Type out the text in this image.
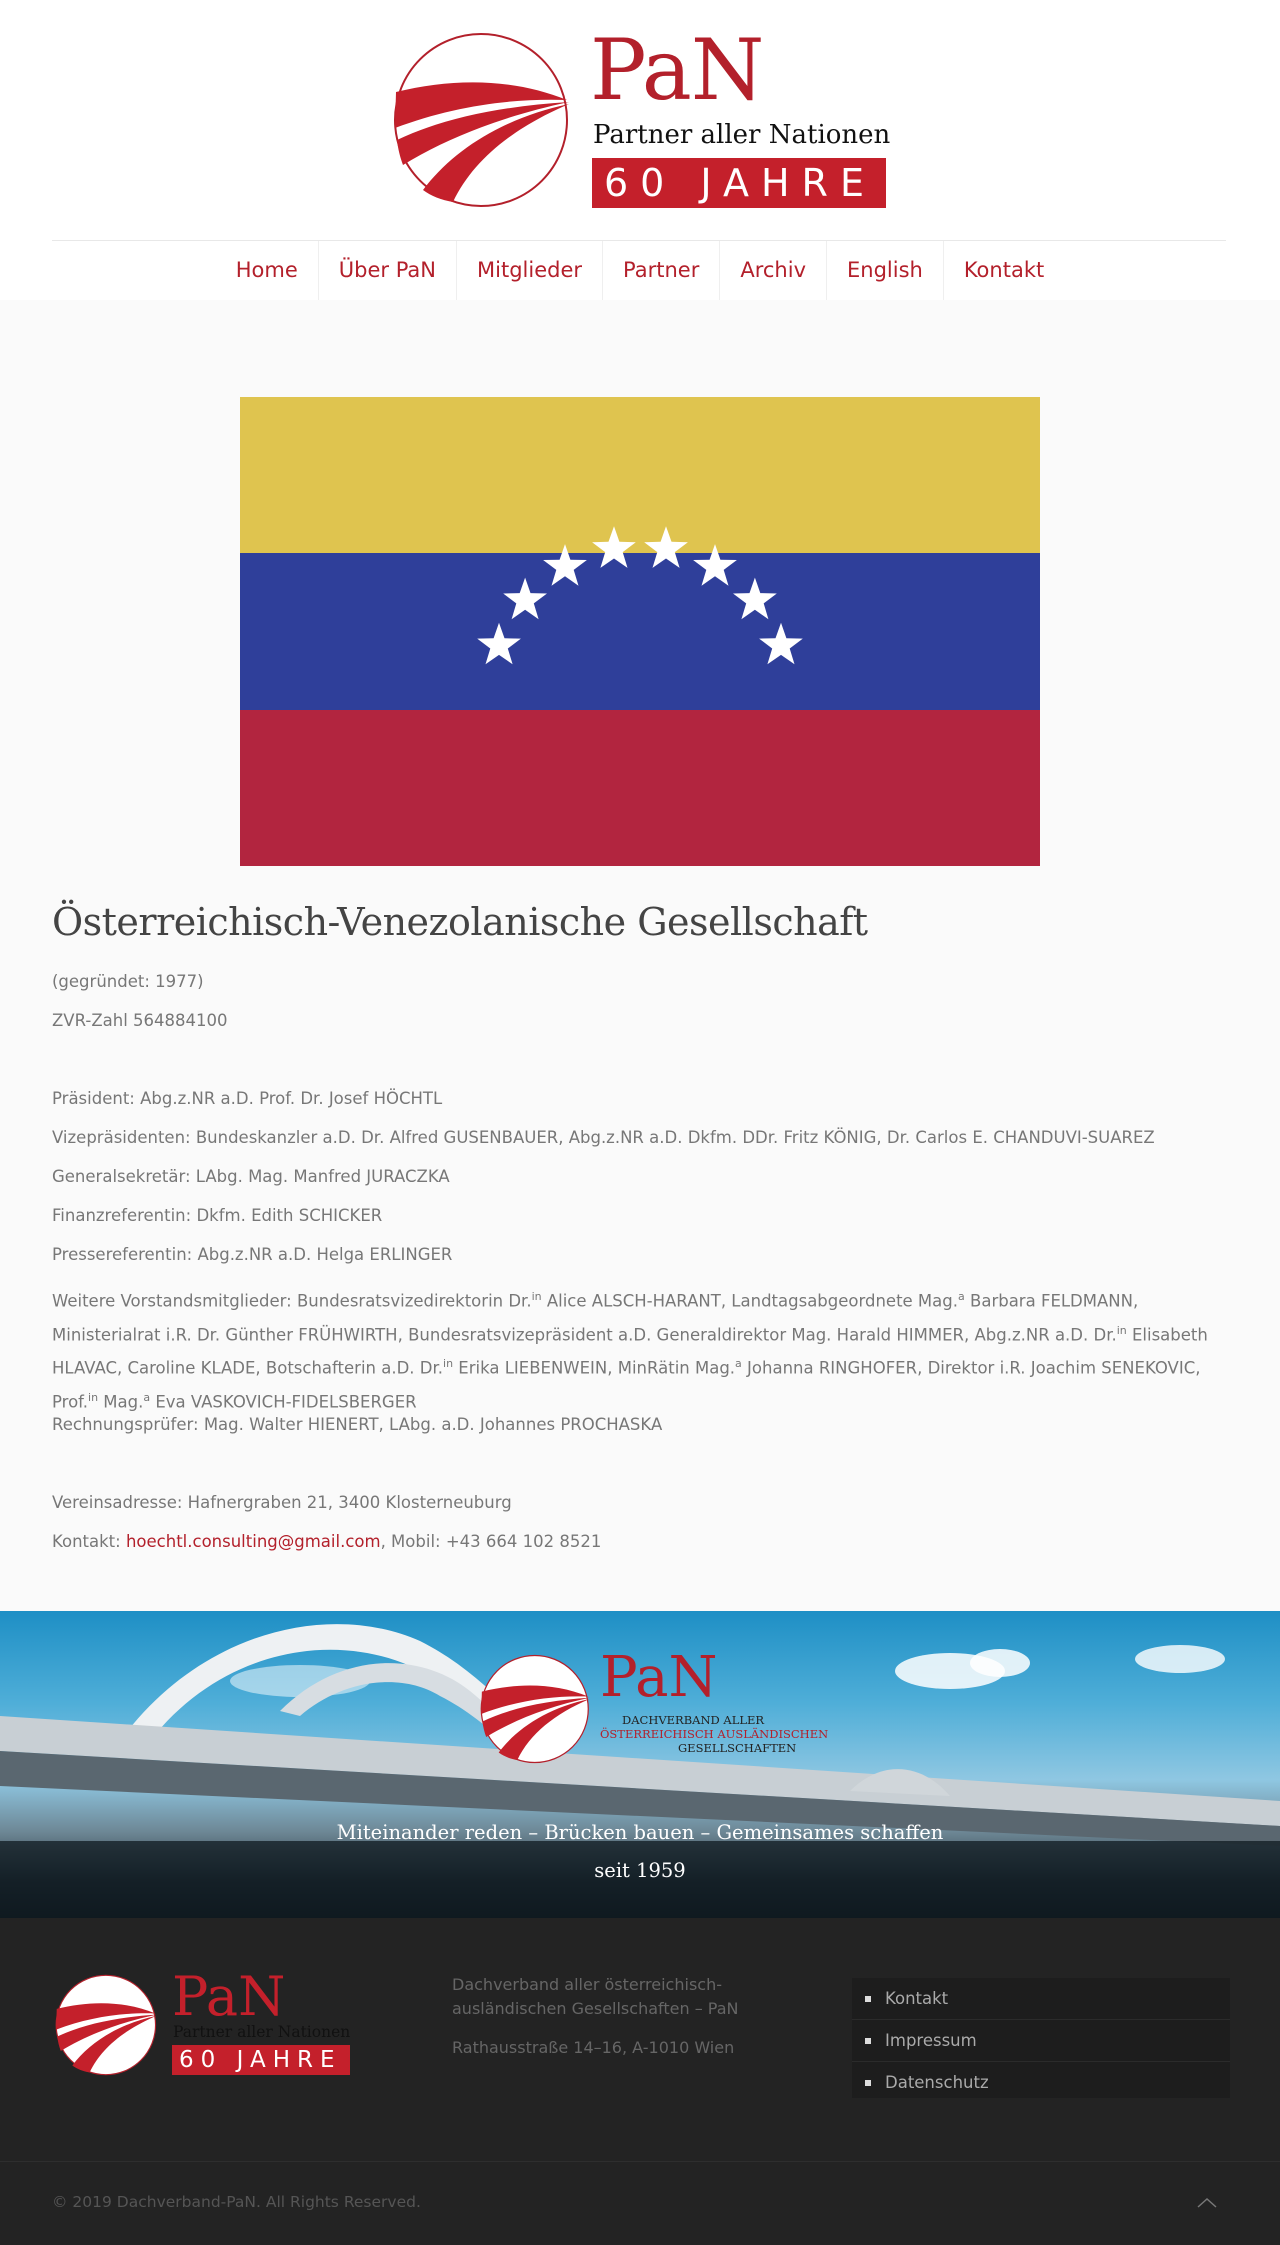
PaN
Partner aller Nationen
60 JAHRE
Home	Über PaN	Mitglieder	Partner	Archiv	English	Kontakt
Österreichisch-Venezolanische Gesellschaft
(gegründet: 1977)
ZVR-Zahl 564884100
Präsident: Abg.z.NR a.D. Prof. Dr. Josef HÖCHTL
Vizepräsidenten: Bundeskanzler a.D. Dr. Alfred GUSENBAUER, Abg.z.NR a.D. Dkfm. DDr. Fritz KÖNIG, Dr. Carlos E. CHANDUVI-SUAREZ
Generalsekretär: LAbg. Mag. Manfred JURACZKA
Finanzreferentin: Dkfm. Edith SCHICKER
Pressereferentin: Abg.z.NR a.D. Helga ERLINGER
Weitere Vorstandsmitglieder: Bundesratsvizedirektorin Dr.$^{in}$ Alice ALSCH-HARANT, Landtagsabgeordnete Mag.$^a$ Barbara FELDMANN, Ministerialrat i.R. Dr. Günther FRÜHWIRTH, Bundesratsvizepräsident a.D. Generaldirektor Mag. Harald HIMMER, Abg.z.NR a.D. Dr.$^{in}$ Elisabeth HLAVAC, Caroline KLADE, Botschafterin a.D. Dr.$^{in}$ Erika LIEBENWEIN, MinRätin Mag.$^a$ Johanna RINGHOFER, Direktor i.R. Joachim SENEKOVIC, Prof.$^{in}$ Mag.$^a$ Eva VASKOVICH-FIDELSBERGER
Rechnungsprüfer: Mag. Walter HIENERT, LAbg. a.D. Johannes PROCHASKA
Vereinsadresse: Hafnergraben 21, 3400 Klosterneuburg
Kontakt: hoechtl.consulting@gmail.com, Mobil: +43 664 102 8521
PaN
DACHVERBAND ALLER
ÖSTERREICHISCH AUSLÄNDISCHEN
GESELLSCHAFTEN
Miteinander reden – Brücken bauen – Gemeinsames schaffen
seit 1959
PaN
Partner aller Nationen
60 JAHRE
Dachverband aller österreichisch-ausländischen Gesellschaften – PaN
Rathausstraße 14–16, A-1010 Wien
Kontakt
Impressum
Datenschutz
© 2019 Dachverband-PaN. All Rights Reserved.
